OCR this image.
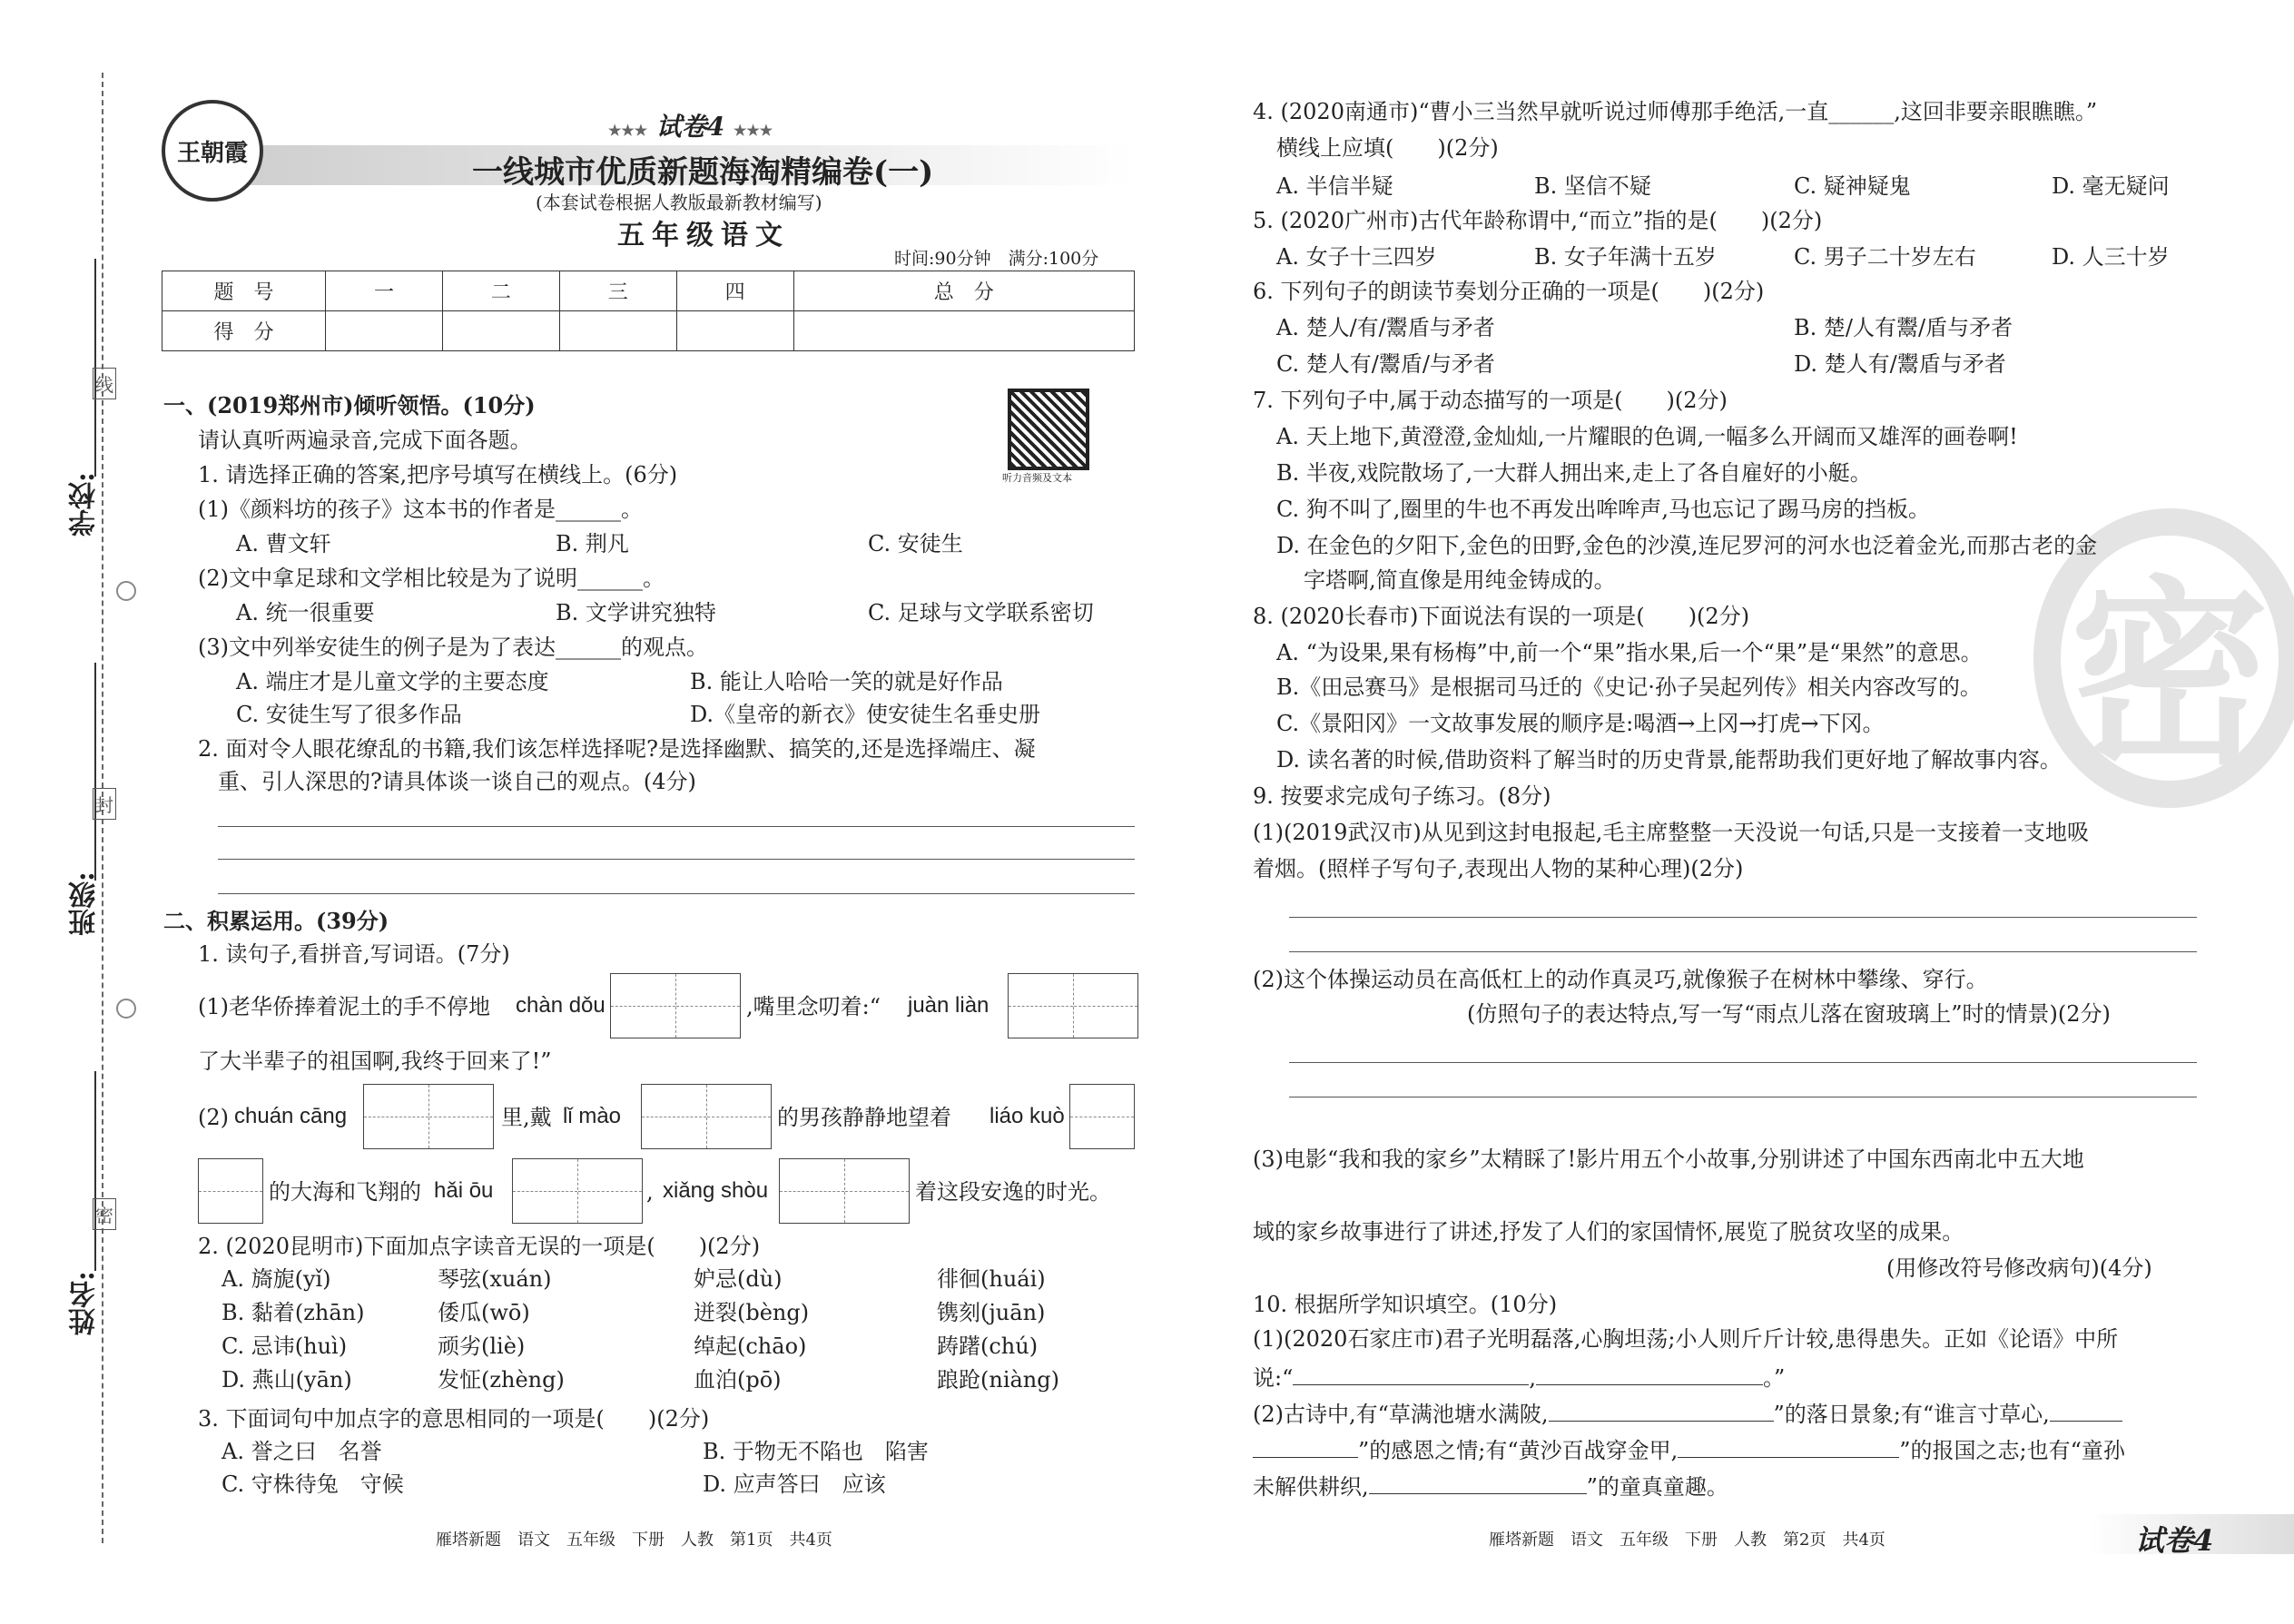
学校:
班级:
姓名:
线
封
密
王朝霞
★★★ 试卷4 ★★★
一线城市优质新题海淘精编卷(一)
(本套试卷根据人教版最新教材编写)
五年级语文
时间:90分钟　满分:100分
题　号	一	二	三	四	总　分
得　分					
听力音频及文本
一、(2019郑州市)倾听领悟。(10分)
请认真听两遍录音,完成下面各题。
1. 请选择正确的答案,把序号填写在横线上。(6分)
(1)《颜料坊的孩子》这本书的作者是______。
A. 曹文轩	B. 荆凡	C. 安徒生
(2)文中拿足球和文学相比较是为了说明______。
A. 统一很重要	B. 文学讲究独特	C. 足球与文学联系密切
(3)文中列举安徒生的例子是为了表达______的观点。
A. 端庄才是儿童文学的主要态度	B. 能让人哈哈一笑的就是好作品
C. 安徒生写了很多作品	D.《皇帝的新衣》使安徒生名垂史册
2. 面对令人眼花缭乱的书籍,我们该怎样选择呢?是选择幽默、搞笑的,还是选择端庄、凝
重、引人深思的?请具体谈一谈自己的观点。(4分)
二、积累运用。(39分)
1. 读句子,看拼音,写词语。(7分)
(1)老华侨捧着泥土的手不停地 chàn dǒu	,嘴里念叨着:“ juàn liàn
了大半辈子的祖国啊,我终于回来了!”
(2) chuán cāng	里,戴 lǐ mào	的男孩静静地望着 liáo kuò
的大海和飞翔的 hǎi ōu	, xiǎng shòu	着这段安逸的时光。
2. (2020昆明市)下面加点字读音无误的一项是(　　)(2分)
A. 旖旎(yǐ)	琴弦(xuán)	妒忌(dù)	徘徊(huái)
B. 黏着(zhān)	倭瓜(wō)	迸裂(bèng)	镌刻(juān)
C. 忌讳(huì)	顽劣(liè)	绰起(chāo)	踌躇(chú)
D. 燕山(yān)	发怔(zhèng)	血泊(pō)	踉跄(niàng)
3. 下面词句中加点字的意思相同的一项是(　　)(2分)
A. 誉之曰　名誉	B. 于物无不陷也　陷害
C. 守株待兔　守候	D. 应声答曰　应该
雁塔新题　语文　五年级　下册　人教　第1页　共4页
密
4. (2020南通市)“曹小三当然早就听说过师傅那手绝活,一直______,这回非要亲眼瞧瞧。”
横线上应填(　　)(2分)
A. 半信半疑	B. 坚信不疑	C. 疑神疑鬼	D. 毫无疑问
5. (2020广州市)古代年龄称谓中,“而立”指的是(　　)(2分)
A. 女子十三四岁	B. 女子年满十五岁	C. 男子二十岁左右	D. 人三十岁
6. 下列句子的朗读节奏划分正确的一项是(　　)(2分)
A. 楚人/有/鬻盾与矛者	B. 楚/人有鬻/盾与矛者
C. 楚人有/鬻盾/与矛者	D. 楚人有/鬻盾与矛者
7. 下列句子中,属于动态描写的一项是(　　)(2分)
A. 天上地下,黄澄澄,金灿灿,一片耀眼的色调,一幅多么开阔而又雄浑的画卷啊!
B. 半夜,戏院散场了,一大群人拥出来,走上了各自雇好的小艇。
C. 狗不叫了,圈里的牛也不再发出哞哞声,马也忘记了踢马房的挡板。
D. 在金色的夕阳下,金色的田野,金色的沙漠,连尼罗河的河水也泛着金光,而那古老的金
字塔啊,简直像是用纯金铸成的。
8. (2020长春市)下面说法有误的一项是(　　)(2分)
A. “为设果,果有杨梅”中,前一个“果”指水果,后一个“果”是“果然”的意思。
B.《田忌赛马》是根据司马迁的《史记·孙子吴起列传》相关内容改写的。
C.《景阳冈》一文故事发展的顺序是:喝酒→上冈→打虎→下冈。
D. 读名著的时候,借助资料了解当时的历史背景,能帮助我们更好地了解故事内容。
9. 按要求完成句子练习。(8分)
(1)(2019武汉市)从见到这封电报起,毛主席整整一天没说一句话,只是一支接着一支地吸
着烟。(照样子写句子,表现出人物的某种心理)(2分)
(2)这个体操运动员在高低杠上的动作真灵巧,就像猴子在树林中攀缘、穿行。
(仿照句子的表达特点,写一写“雨点儿落在窗玻璃上”时的情景)(2分)
(3)电影“我和我的家乡”太精睬了!影片用五个小故事,分别讲述了中国东西南北中五大地
域的家乡故事进行了讲述,抒发了人们的家国情怀,展览了脱贫攻坚的成果。
(用修改符号修改病句)(4分)
10. 根据所学知识填空。(10分)
(1)(2020石家庄市)君子光明磊落,心胸坦荡;小人则斤斤计较,患得患失。正如《论语》中所
说:“	,	。”
(2)古诗中,有“草满池塘水满陂,	”的落日景象;有“谁言寸草心,
”的感恩之情;有“黄沙百战穿金甲,	”的报国之志;也有“童孙
未解供耕织,	”的童真童趣。
雁塔新题　语文　五年级　下册　人教　第2页　共4页	试卷4
